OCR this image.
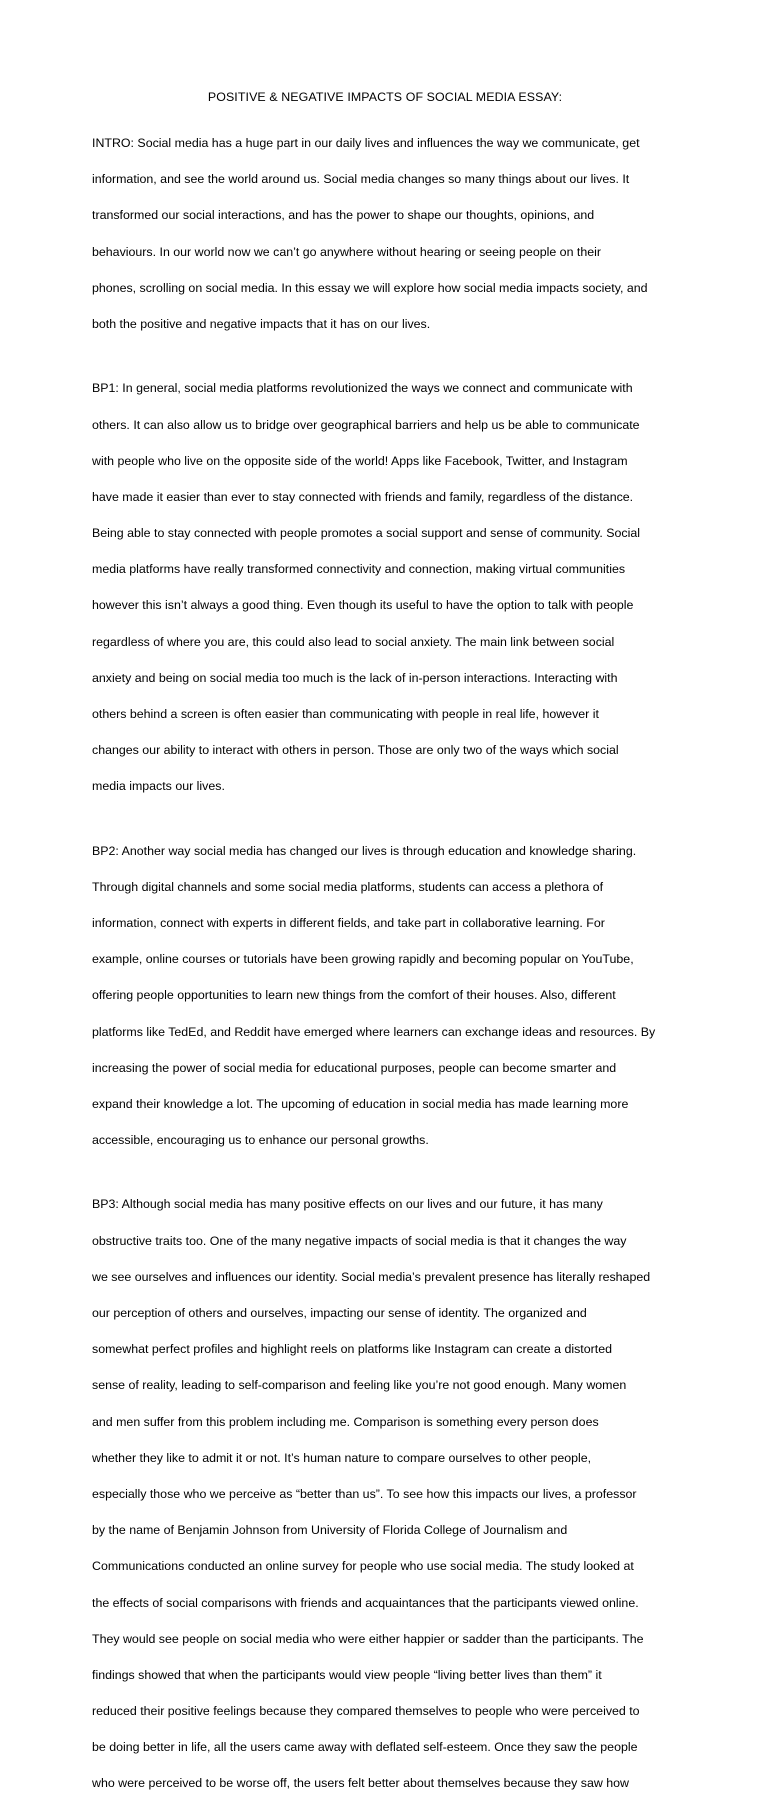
POSITIVE & NEGATIVE IMPACTS OF SOCIAL MEDIA ESSAY:

INTRO: Social media has a huge part in our daily lives and influences the way we communicate, get

information, and see the world around us. Social media changes so many things about our lives. It

transformed our social interactions, and has the power to shape our thoughts, opinions, and

behaviours. In our world now we can’t go anywhere without hearing or seeing people on their

phones, scrolling on social media. In this essay we will explore how social media impacts society, and

both the positive and negative impacts that it has on our lives.

BP1: In general, social media platforms revolutionized the ways we connect and communicate with

others. It can also allow us to bridge over geographical barriers and help us be able to communicate

with people who live on the opposite side of the world! Apps like Facebook, Twitter, and Instagram

have made it easier than ever to stay connected with friends and family, regardless of the distance.

Being able to stay connected with people promotes a social support and sense of community. Social

media platforms have really transformed connectivity and connection, making virtual communities

however this isn’t always a good thing. Even though its useful to have the option to talk with people

regardless of where you are, this could also lead to social anxiety. The main link between social

anxiety and being on social media too much is the lack of in-person interactions. Interacting with

others behind a screen is often easier than communicating with people in real life, however it

changes our ability to interact with others in person. Those are only two of the ways which social

media impacts our lives.

BP2: Another way social media has changed our lives is through education and knowledge sharing.

Through digital channels and some social media platforms, students can access a plethora of

information, connect with experts in different fields, and take part in collaborative learning. For

example, online courses or tutorials have been growing rapidly and becoming popular on YouTube,

offering people opportunities to learn new things from the comfort of their houses. Also, different

platforms like TedEd, and Reddit have emerged where learners can exchange ideas and resources. By

increasing the power of social media for educational purposes, people can become smarter and

expand their knowledge a lot. The upcoming of education in social media has made learning more

accessible, encouraging us to enhance our personal growths.

BP3: Although social media has many positive effects on our lives and our future, it has many

obstructive traits too. One of the many negative impacts of social media is that it changes the way

we see ourselves and influences our identity. Social media’s prevalent presence has literally reshaped

our perception of others and ourselves, impacting our sense of identity. The organized and

somewhat perfect profiles and highlight reels on platforms like Instagram can create a distorted

sense of reality, leading to self-comparison and feeling like you’re not good enough. Many women

and men suffer from this problem including me. Comparison is something every person does

whether they like to admit it or not. It’s human nature to compare ourselves to other people,

especially those who we perceive as “better than us”. To see how this impacts our lives, a professor

by the name of Benjamin Johnson from University of Florida College of Journalism and

Communications conducted an online survey for people who use social media. The study looked at

the effects of social comparisons with friends and acquaintances that the participants viewed online.

They would see people on social media who were either happier or sadder than the participants. The

findings showed that when the participants would view people “living better lives than them” it

reduced their positive feelings because they compared themselves to people who were perceived to

be doing better in life, all the users came away with deflated self-esteem. Once they saw the people

who were perceived to be worse off, the users felt better about themselves because they saw how
